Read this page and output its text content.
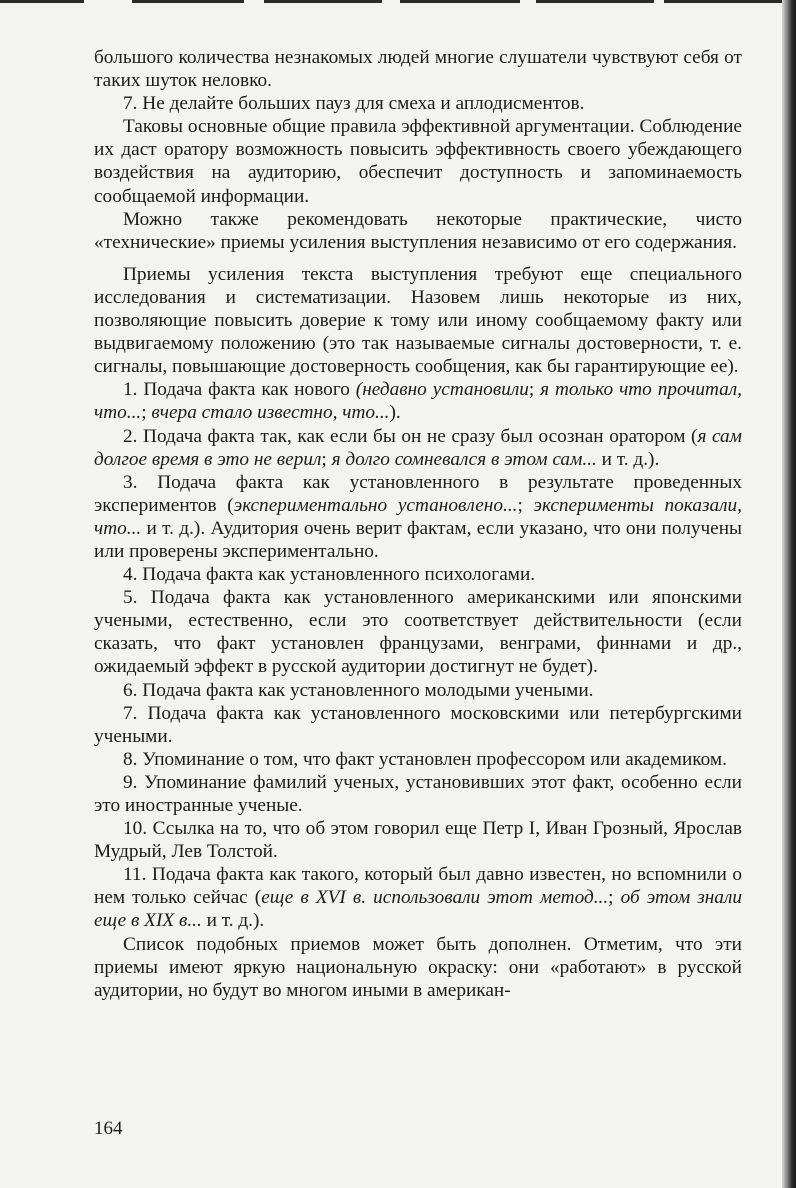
большого количества незнакомых людей многие слушатели чувствуют себя от таких шуток неловко.

7. Не делайте больших пауз для смеха и аплодисментов.

Таковы основные общие правила эффективной аргументации. Соблюдение их даст оратору возможность повысить эффективность своего убеждающего воздействия на аудиторию, обеспечит доступность и запоминаемость сообщаемой информации.

Можно также рекомендовать некоторые практические, чисто «технические» приемы усиления выступления независимо от его содержания.

Приемы усиления текста выступления требуют еще специального исследования и систематизации. Назовем лишь некоторые из них, позволяющие повысить доверие к тому или иному сообщаемому факту или выдвигаемому положению (это так называемые сигналы достоверности, т. е. сигналы, повышающие достоверность сообщения, как бы гарантирующие ее).

1. Подача факта как нового (недавно установили; я только что прочитал, что...; вчера стало известно, что...).

2. Подача факта так, как если бы он не сразу был осознан оратором (я сам долгое время в это не верил; я долго сомневался в этом сам... и т. д.).

3. Подача факта как установленного в результате проведенных экспериментов (экспериментально установлено...; эксперименты показали, что... и т. д.). Аудитория очень верит фактам, если указано, что они получены или проверены экспериментально.

4. Подача факта как установленного психологами.

5. Подача факта как установленного американскими или японскими учеными, естественно, если это соответствует действительности (если сказать, что факт установлен французами, венграми, финнами и др., ожидаемый эффект в русской аудитории достигнут не будет).

6. Подача факта как установленного молодыми учеными.

7. Подача факта как установленного московскими или петербургскими учеными.

8. Упоминание о том, что факт установлен профессором или академиком.

9. Упоминание фамилий ученых, установивших этот факт, особенно если это иностранные ученые.

10. Ссылка на то, что об этом говорил еще Петр I, Иван Грозный, Ярослав Мудрый, Лев Толстой.

11. Подача факта как такого, который был давно известен, но вспомнили о нем только сейчас (еще в XVI в. использовали этот метод...; об этом знали еще в XIX в... и т. д.).

Список подобных приемов может быть дополнен. Отметим, что эти приемы имеют яркую национальную окраску: они «работают» в русской аудитории, но будут во многом иными в американ-

164
